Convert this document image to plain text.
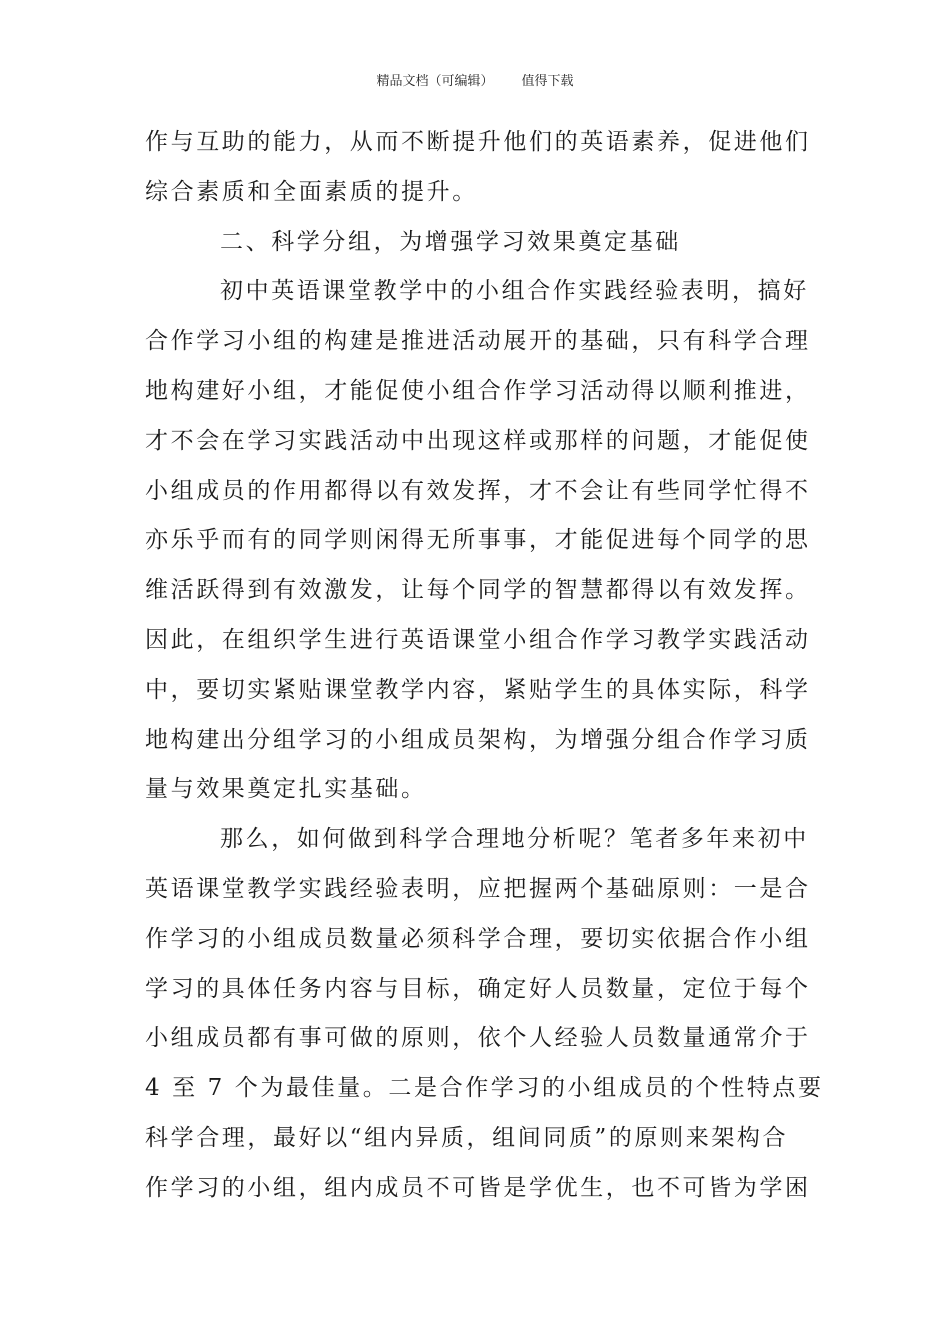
精品文档（可编辑） 值得下载
作与互助的能力，从而不断提升他们的英语素养，促进他们
综合素质和全面素质的提升。
二、科学分组，为增强学习效果奠定基础
初中英语课堂教学中的小组合作实践经验表明，搞好
合作学习小组的构建是推进活动展开的基础，只有科学合理
地构建好小组，才能促使小组合作学习活动得以顺利推进，
才不会在学习实践活动中出现这样或那样的问题，才能促使
小组成员的作用都得以有效发挥，才不会让有些同学忙得不
亦乐乎而有的同学则闲得无所事事，才能促进每个同学的思
维活跃得到有效激发，让每个同学的智慧都得以有效发挥。
因此，在组织学生进行英语课堂小组合作学习教学实践活动
中，要切实紧贴课堂教学内容，紧贴学生的具体实际，科学
地构建出分组学习的小组成员架构，为增强分组合作学习质
量与效果奠定扎实基础。
那么，如何做到科学合理地分析呢？笔者多年来初中
英语课堂教学实践经验表明，应把握两个基础原则：一是合
作学习的小组成员数量必须科学合理，要切实依据合作小组
学习的具体任务内容与目标，确定好人员数量，定位于每个
小组成员都有事可做的原则，依个人经验人员数量通常介于
4 至 7 个为最佳量。二是合作学习的小组成员的个性特点要
科学合理，最好以“组内异质，组间同质”的原则来架构合
作学习的小组，组内成员不可皆是学优生，也不可皆为学困
